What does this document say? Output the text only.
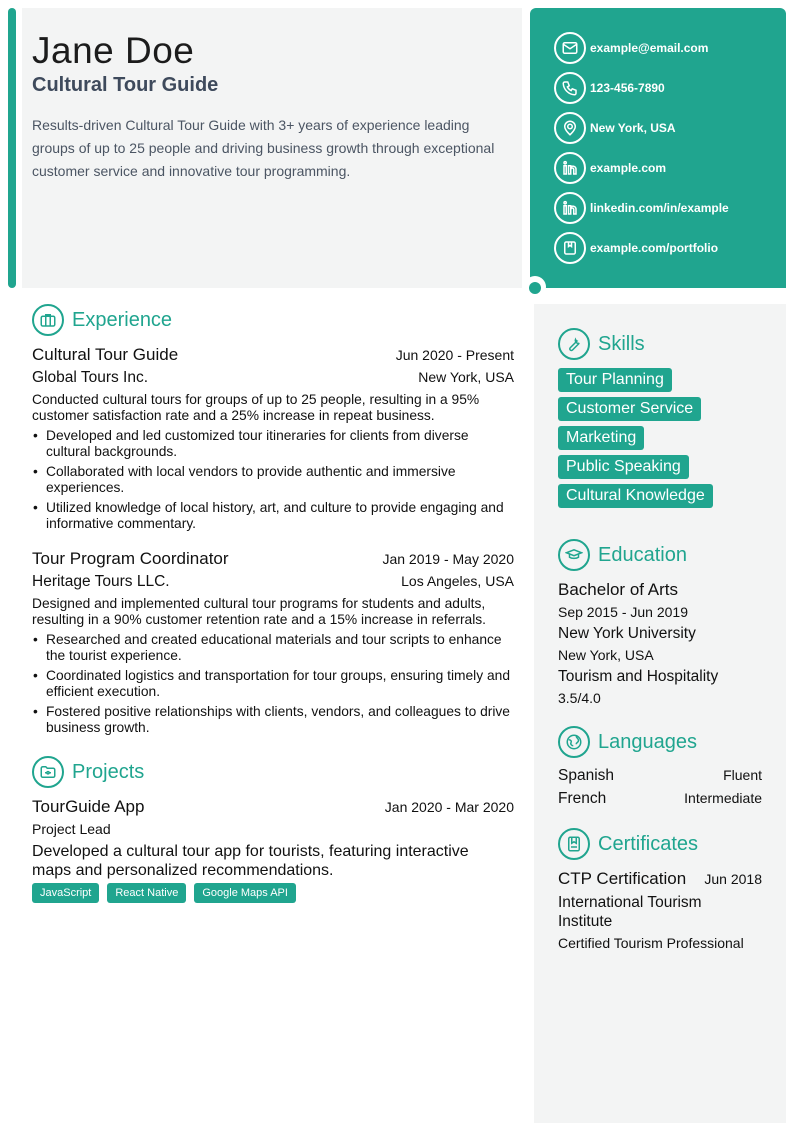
Jane Doe
Cultural Tour Guide
Results-driven Cultural Tour Guide with 3+ years of experience leading groups of up to 25 people and driving business growth through exceptional customer service and innovative tour programming.
example@email.com
123-456-7890
New York, USA
example.com
linkedin.com/in/example
example.com/portfolio
Experience
Cultural Tour Guide	Jun 2020 - Present
Global Tours Inc.	New York, USA
Conducted cultural tours for groups of up to 25 people, resulting in a 95% customer satisfaction rate and a 25% increase in repeat business.
• Developed and led customized tour itineraries for clients from diverse cultural backgrounds.
• Collaborated with local vendors to provide authentic and immersive experiences.
• Utilized knowledge of local history, art, and culture to provide engaging and informative commentary.
Tour Program Coordinator	Jan 2019 - May 2020
Heritage Tours LLC.	Los Angeles, USA
Designed and implemented cultural tour programs for students and adults, resulting in a 90% customer retention rate and a 15% increase in referrals.
• Researched and created educational materials and tour scripts to enhance the tourist experience.
• Coordinated logistics and transportation for tour groups, ensuring timely and efficient execution.
• Fostered positive relationships with clients, vendors, and colleagues to drive business growth.
Projects
TourGuide App	Jan 2020 - Mar 2020
Project Lead
Developed a cultural tour app for tourists, featuring interactive maps and personalized recommendations.
JavaScript	React Native	Google Maps API
Skills
Tour Planning
Customer Service
Marketing
Public Speaking
Cultural Knowledge
Education
Bachelor of Arts
Sep 2015 - Jun 2019
New York University
New York, USA
Tourism and Hospitality
3.5/4.0
Languages
Spanish	Fluent
French	Intermediate
Certificates
CTP Certification Jun 2018
International Tourism Institute
Certified Tourism Professional
